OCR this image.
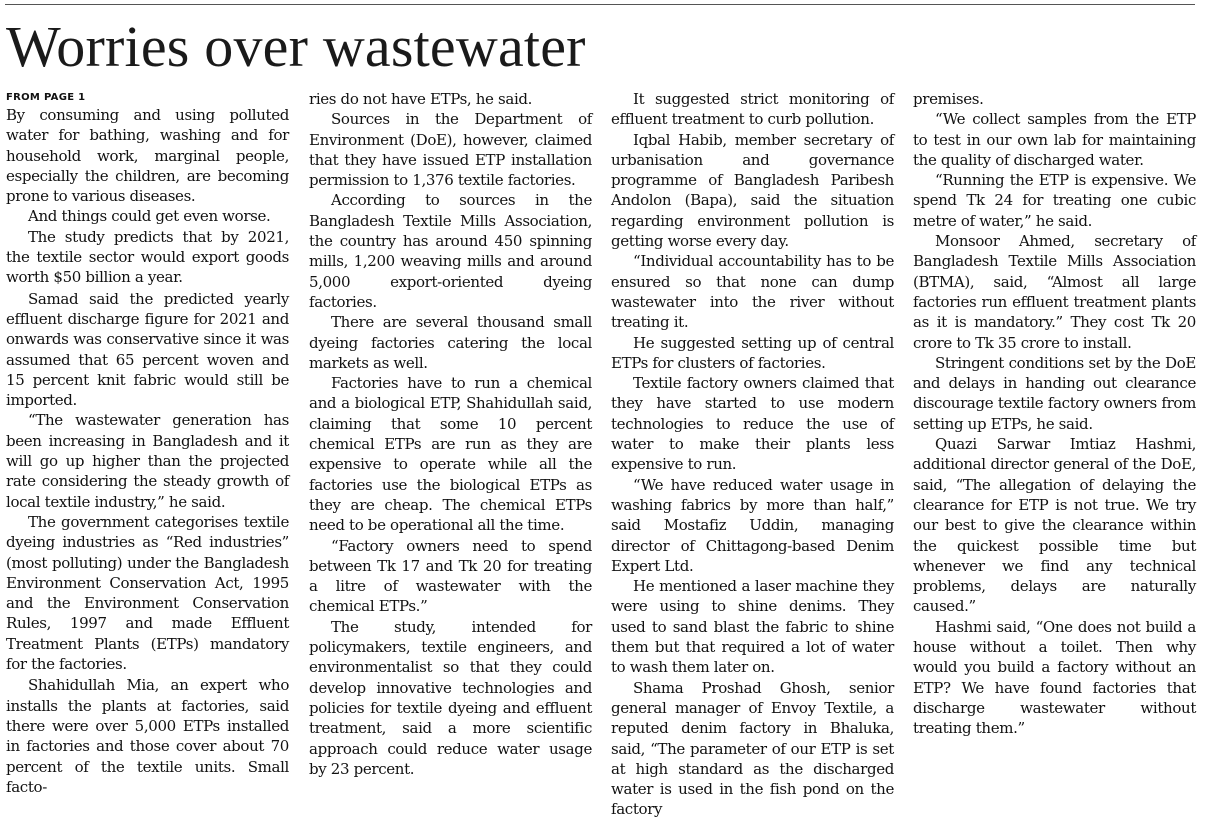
Worries over wastewater
FROM PAGE 1

By consuming and using polluted water for bathing, washing and for household work, marginal people, especially the children, are becoming prone to various diseases.

And things could get even worse.

The study predicts that by 2021, the textile sector would export goods worth $50 billion a year.

Samad said the predicted yearly effluent discharge figure for 2021 and onwards was conservative since it was assumed that 65 percent woven and 15 percent knit fabric would still be imported.

“The wastewater generation has been increasing in Bangladesh and it will go up higher than the projected rate considering the steady growth of local textile industry,” he said.

The government categorises textile dyeing industries as “Red industries” (most polluting) under the Bangladesh Environment Conservation Act, 1995 and the Environment Conservation Rules, 1997 and made Effluent Treatment Plants (ETPs) mandatory for the factories.

Shahidullah Mia, an expert who installs the plants at factories, said there were over 5,000 ETPs installed in factories and those cover about 70 percent of the textile units. Small facto-

ries do not have ETPs, he said.

Sources in the Department of Environment (DoE), however, claimed that they have issued ETP installation permission to 1,376 textile factories.

According to sources in the Bangladesh Textile Mills Association, the country has around 450 spinning mills, 1,200 weaving mills and around 5,000 export-oriented dyeing factories.

There are several thousand small dyeing factories catering the local markets as well.

Factories have to run a chemical and a biological ETP, Shahidullah said, claiming that some 10 percent chemical ETPs are run as they are expensive to operate while all the factories use the biological ETPs as they are cheap. The chemical ETPs need to be operational all the time.

“Factory owners need to spend between Tk 17 and Tk 20 for treating a litre of wastewater with the chemical ETPs.”

The study, intended for policymakers, textile engineers, and environmentalist so that they could develop innovative technologies and policies for textile dyeing and effluent treatment, said a more scientific approach could reduce water usage by 23 percent.

It suggested strict monitoring of effluent treatment to curb pollution.

Iqbal Habib, member secretary of urbanisation and governance programme of Bangladesh Paribesh Andolon (Bapa), said the situation regarding environment pollution is getting worse every day.

“Individual accountability has to be ensured so that none can dump wastewater into the river without treating it.

He suggested setting up of central ETPs for clusters of factories.

Textile factory owners claimed that they have started to use modern technologies to reduce the use of water to make their plants less expensive to run.

“We have reduced water usage in washing fabrics by more than half,” said Mostafiz Uddin, managing director of Chittagong-based Denim Expert Ltd.

He mentioned a laser machine they were using to shine denims. They used to sand blast the fabric to shine them but that required a lot of water to wash them later on.

Shama Proshad Ghosh, senior general manager of Envoy Textile, a reputed denim factory in Bhaluka, said, “The parameter of our ETP is set at high standard as the discharged water is used in the fish pond on the factory

premises.

“We collect samples from the ETP to test in our own lab for maintaining the quality of discharged water.

“Running the ETP is expensive. We spend Tk 24 for treating one cubic metre of water,” he said.

Monsoor Ahmed, secretary of Bangladesh Textile Mills Association (BTMA), said, “Almost all large factories run effluent treatment plants as it is mandatory.” They cost Tk 20 crore to Tk 35 crore to install.

Stringent conditions set by the DoE and delays in handing out clearance discourage textile factory owners from setting up ETPs, he said.

Quazi Sarwar Imtiaz Hashmi, additional director general of the DoE, said, “The allegation of delaying the clearance for ETP is not true. We try our best to give the clearance within the quickest possible time but whenever we find any technical problems, delays are naturally caused.”

Hashmi said, “One does not build a house without a toilet. Then why would you build a factory without an ETP? We have found factories that discharge wastewater without treating them.”
